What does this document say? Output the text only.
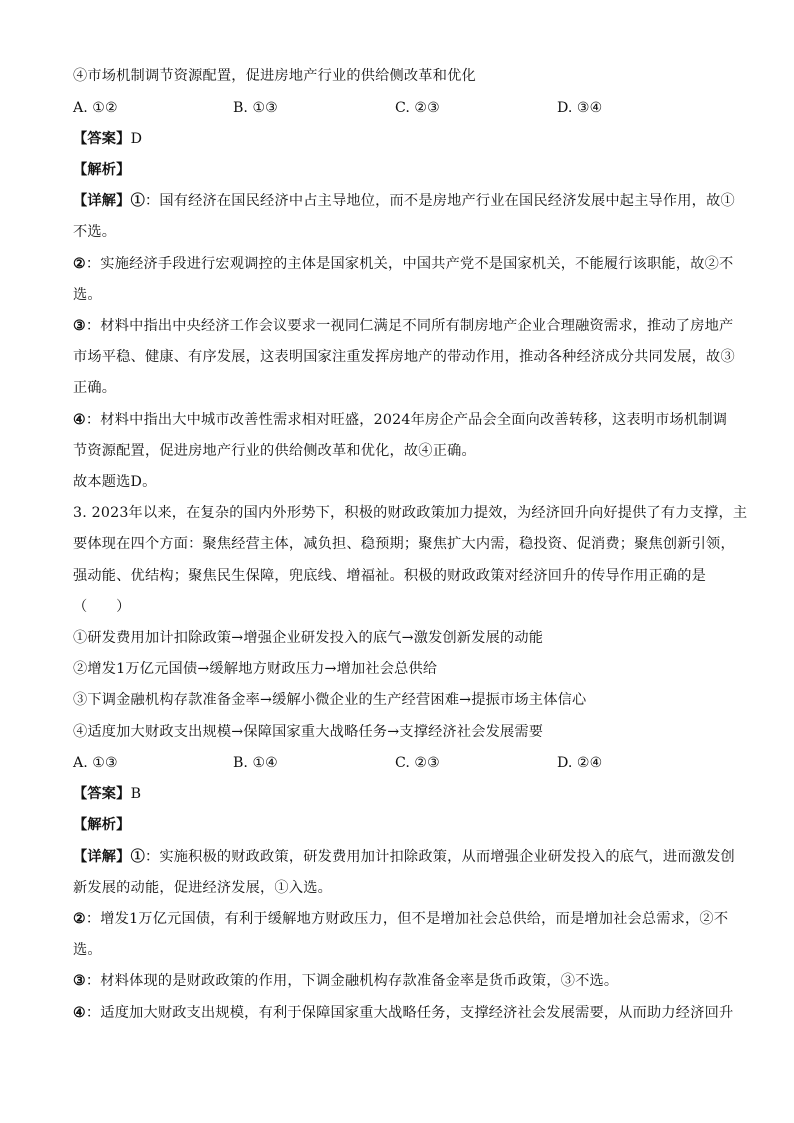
④市场机制调节资源配置，促进房地产行业的供给侧改革和优化
A. ①②	B. ①③	C. ②③	D. ③④
【答案】D
【解析】
【详解】①：国有经济在国民经济中占主导地位，而不是房地产行业在国民经济发展中起主导作用，故①
不选。
②：实施经济手段进行宏观调控的主体是国家机关，中国共产党不是国家机关，不能履行该职能，故②不
选。
③：材料中指出中央经济工作会议要求一视同仁满足不同所有制房地产企业合理融资需求，推动了房地产
市场平稳、健康、有序发展，这表明国家注重发挥房地产的带动作用，推动各种经济成分共同发展，故③
正确。
④：材料中指出大中城市改善性需求相对旺盛，2024年房企产品会全面向改善转移，这表明市场机制调
节资源配置，促进房地产行业的供给侧改革和优化，故④正确。
故本题选D。
3. 2023年以来，在复杂的国内外形势下，积极的财政政策加力提效，为经济回升向好提供了有力支撑，主
要体现在四个方面：聚焦经营主体，减负担、稳预期；聚焦扩大内需，稳投资、促消费；聚焦创新引领，
强动能、优结构；聚焦民生保障，兜底线、增福祉。积极的财政政策对经济回升的传导作用正确的是
（　　）
①研发费用加计扣除政策→增强企业研发投入的底气→激发创新发展的动能
②增发1万亿元国债→缓解地方财政压力→增加社会总供给
③下调金融机构存款准备金率→缓解小微企业的生产经营困难→提振市场主体信心
④适度加大财政支出规模→保障国家重大战略任务→支撑经济社会发展需要
A. ①③	B. ①④	C. ②③	D. ②④
【答案】B
【解析】
【详解】①：实施积极的财政政策，研发费用加计扣除政策，从而增强企业研发投入的底气，进而激发创
新发展的动能，促进经济发展，①入选。
②：增发1万亿元国债，有利于缓解地方财政压力，但不是增加社会总供给，而是增加社会总需求，②不
选。
③：材料体现的是财政政策的作用，下调金融机构存款准备金率是货币政策，③不选。
④：适度加大财政支出规模，有利于保障国家重大战略任务，支撑经济社会发展需要，从而助力经济回升
